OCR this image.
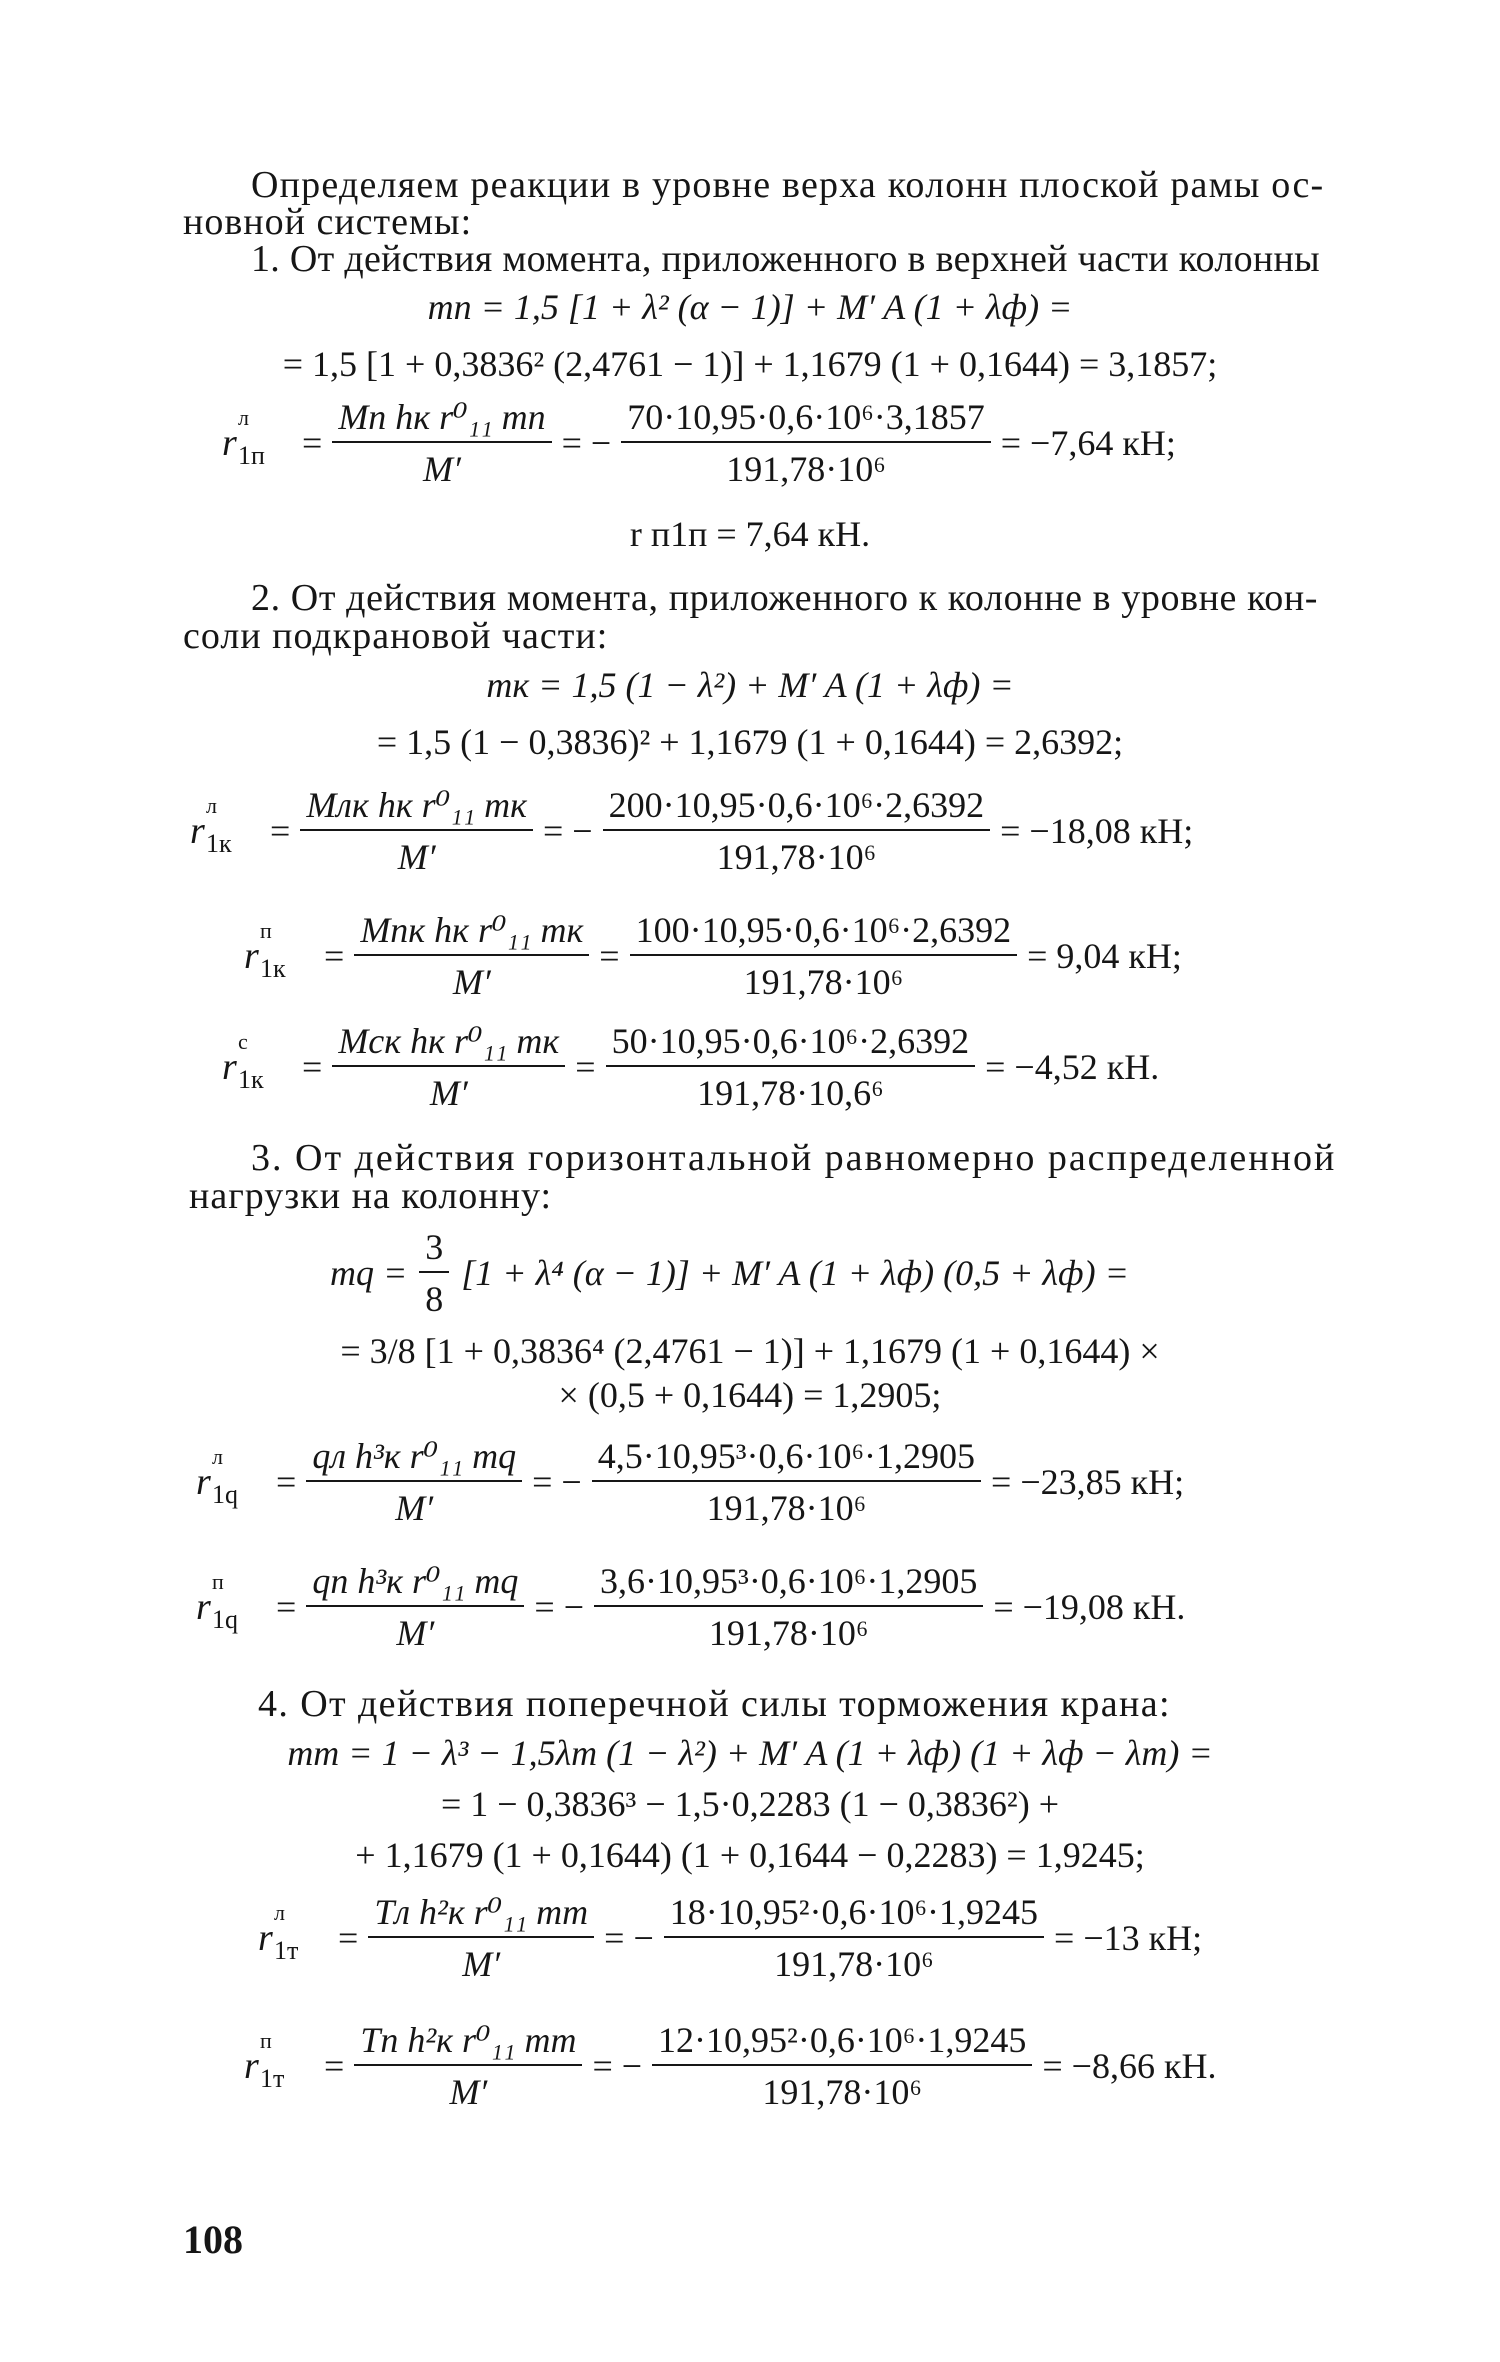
Определяем реакции в уровне верха колонн плоской рамы ос-
новной системы:
1. От действия момента, приложенного в верхней части колонны
mп = 1,5 [1 + λ² (α − 1)] + M′ A (1 + λф) =
= 1,5 [1 + 0,3836² (2,4761 − 1)] + 1,1679 (1 + 0,1644) = 3,1857;
r
л
$1п = \frac{\text{Mп hк r⁰₁₁ mп}}{M'}$ = − $\frac{\text{70·10,95·0,6·10⁶·3,1857}}{\text{191,78·10⁶}} = -7,64$ кН;
r п1п = 7,64 кН.
2. От действия момента, приложенного к колонне в уровне кон-
соли подкрановой части:
mк = 1,5 (1 − λ²) + M′ A (1 + λф) =
= 1,5 (1 − 0,3836)² + 1,1679 (1 + 0,1644) = 2,6392;
r
л
$1к = \frac{\text{Mлк hк r⁰₁₁ mк}}{M'}$ = − $\frac{\text{200·10,95·0,6·10⁶·2,6392}}{\text{191,78·10⁶}} = -18,08$ кН;
r
п
$1к = \frac{\text{Mпк hк r⁰₁₁ mк}}{M'} = \frac{\text{100·10,95·0,6·10⁶·2,6392}}{\text{191,78·10⁶}} = 9,04$ кН;
r
с
$1к = \frac{\text{Mск hк r⁰₁₁ mк}}{M'} = \frac{\text{50·10,95·0,6·10⁶·2,6392}}{\text{191,78·10,6⁶}} = -4,52$ кН.
3. От действия горизонтальной равномерно распределенной
нагрузки на колонну:
mq = $\frac{3}{8} [1 + \lambda^4$ (α − 1)] + M′ A (1 + λф) (0,5 + λф) =
= 3/8 [1 + 0,3836⁴ (2,4761 − 1)] + 1,1679 (1 + 0,1644) ×
× (0,5 + 0,1644) = 1,2905;
r
л
$1q = \frac{\text{qл h³к r⁰₁₁ mq}}{M'}$ = − $\frac{\text{4,5·10,95³·0,6·10⁶·1,2905}}{\text{191,78·10⁶}} = -23,85$ кН;
r
п
$1q = \frac{\text{qп h³к r⁰₁₁ mq}}{M'}$ = − $\frac{\text{3,6·10,95³·0,6·10⁶·1,2905}}{\text{191,78·10⁶}} = -19,08$ кН.
4. От действия поперечной силы торможения крана:
mт = 1 − λ³ − 1,5λт (1 − λ²) + M′ A (1 + λф) (1 + λф − λт) =
= 1 − 0,3836³ − 1,5·0,2283 (1 − 0,3836²) +
+ 1,1679 (1 + 0,1644) (1 + 0,1644 − 0,2283) = 1,9245;
r
л
$1т = \frac{\text{Tл h²к r⁰₁₁ mт}}{M'}$ = − $\frac{\text{18·10,95²·0,6·10⁶·1,9245}}{\text{191,78·10⁶}} = -13$ кН;
r
п
$1т = \frac{\text{Tп h²к r⁰₁₁ mт}}{M'}$ = − $\frac{\text{12·10,95²·0,6·10⁶·1,9245}}{\text{191,78·10⁶}} = -8,66$ кН.
108
